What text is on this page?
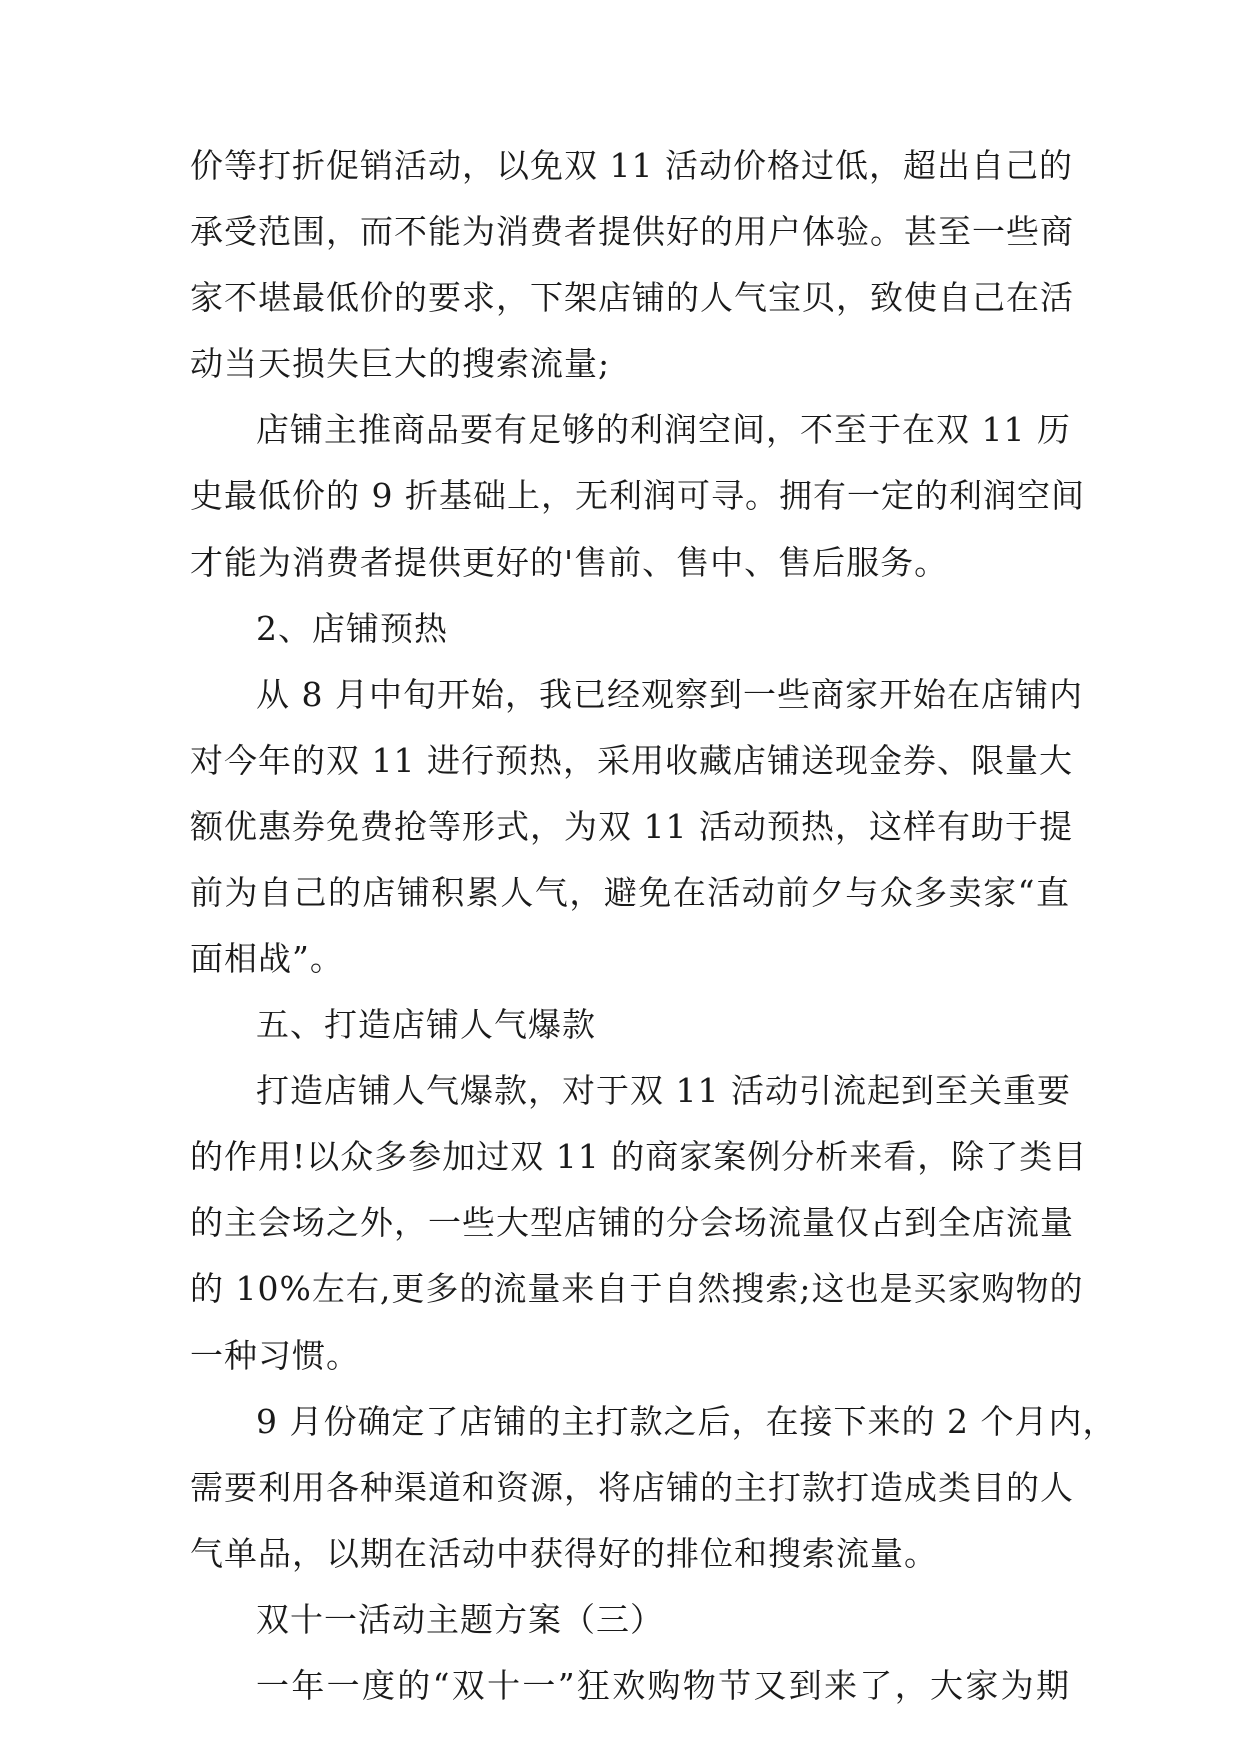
价等打折促销活动，以免双 11 活动价格过低，超出自己的
承受范围，而不能为消费者提供好的用户体验。甚至一些商
家不堪最低价的要求，下架店铺的人气宝贝，致使自己在活
动当天损失巨大的搜索流量;
店铺主推商品要有足够的利润空间，不至于在双 11 历
史最低价的 9 折基础上，无利润可寻。拥有一定的利润空间
才能为消费者提供更好的'售前、售中、售后服务。
2、店铺预热
从 8 月中旬开始，我已经观察到一些商家开始在店铺内
对今年的双 11 进行预热，采用收藏店铺送现金券、限量大
额优惠券免费抢等形式，为双 11 活动预热，这样有助于提
前为自己的店铺积累人气，避免在活动前夕与众多卖家“直
面相战”。
五、打造店铺人气爆款
打造店铺人气爆款，对于双 11 活动引流起到至关重要
的作用!以众多参加过双 11 的商家案例分析来看，除了类目
的主会场之外，一些大型店铺的分会场流量仅占到全店流量
的 10%左右,更多的流量来自于自然搜索;这也是买家购物的
一种习惯。
9 月份确定了店铺的主打款之后，在接下来的 2 个月内，
需要利用各种渠道和资源，将店铺的主打款打造成类目的人
气单品，以期在活动中获得好的排位和搜索流量。
双十一活动主题方案（三）
一年一度的“双十一”狂欢购物节又到来了，大家为期
